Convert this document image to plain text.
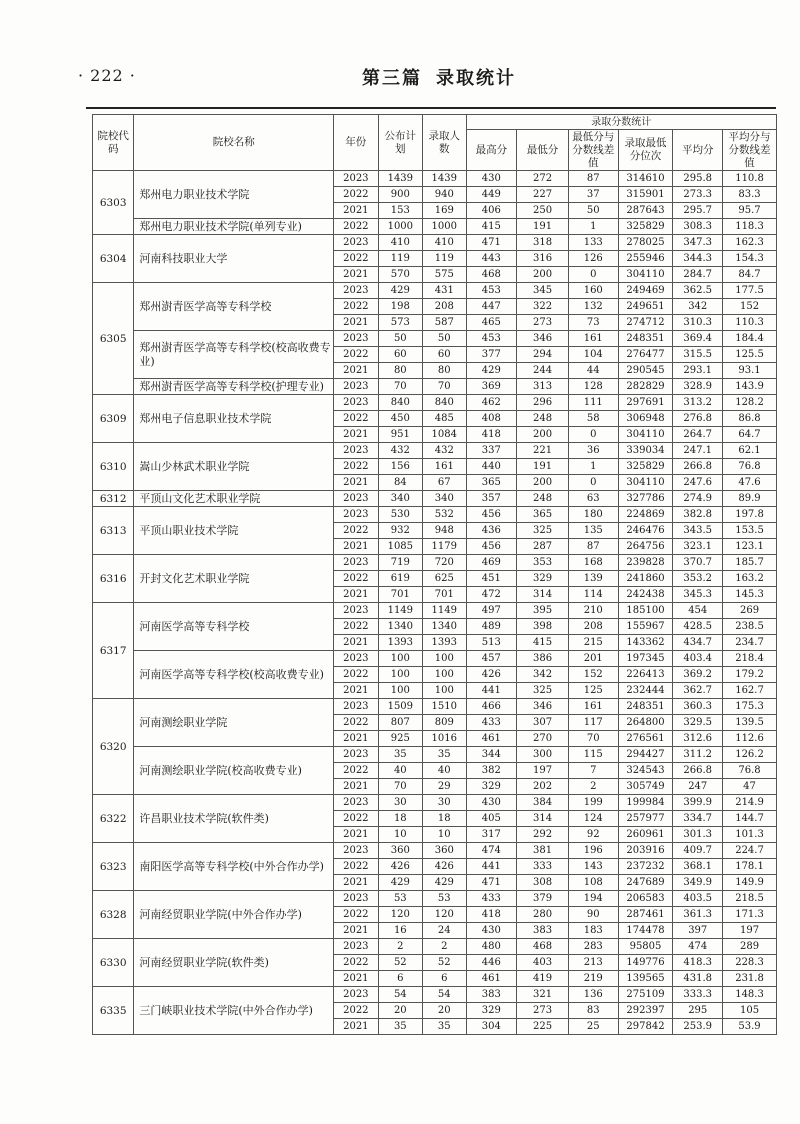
· 222 ·	第三篇 录取统计
院校代码	院校名称	年份	公布计划	录取人数	录取分数统计					
					最高分	最低分	最低分与分数线差值	录取最低分位次	平均分	平均分与分数线差值
6303	郑州电力职业技术学院	2023	1439	1439	430	272	87	314610	295.8	110.8
		2022	900	940	449	227	37	315901	273.3	83.3
		2021	153	169	406	250	50	287643	295.7	95.7
	郑州电力职业技术学院(单列专业)	2022	1000	1000	415	191	1	325829	308.3	118.3
6304	河南科技职业大学	2023	410	410	471	318	133	278025	347.3	162.3
		2022	119	119	443	316	126	255946	344.3	154.3
		2021	570	575	468	200	0	304110	284.7	84.7
6305	郑州澍青医学高等专科学校	2023	429	431	453	345	160	249469	362.5	177.5
		2022	198	208	447	322	132	249651	342	152
		2021	573	587	465	273	73	274712	310.3	110.3
	郑州澍青医学高等专科学校(校高收费专业)	2023	50	50	453	346	161	248351	369.4	184.4
		2022	60	60	377	294	104	276477	315.5	125.5
		2021	80	80	429	244	44	290545	293.1	93.1
	郑州澍青医学高等专科学校(护理专业)	2023	70	70	369	313	128	282829	328.9	143.9
6309	郑州电子信息职业技术学院	2023	840	840	462	296	111	297691	313.2	128.2
		2022	450	485	408	248	58	306948	276.8	86.8
		2021	951	1084	418	200	0	304110	264.7	64.7
6310	嵩山少林武术职业学院	2023	432	432	337	221	36	339034	247.1	62.1
		2022	156	161	440	191	1	325829	266.8	76.8
		2021	84	67	365	200	0	304110	247.6	47.6
6312	平顶山文化艺术职业学院	2023	340	340	357	248	63	327786	274.9	89.9
6313	平顶山职业技术学院	2023	530	532	456	365	180	224869	382.8	197.8
		2022	932	948	436	325	135	246476	343.5	153.5
		2021	1085	1179	456	287	87	264756	323.1	123.1
6316	开封文化艺术职业学院	2023	719	720	469	353	168	239828	370.7	185.7
		2022	619	625	451	329	139	241860	353.2	163.2
		2021	701	701	472	314	114	242438	345.3	145.3
6317	河南医学高等专科学校	2023	1149	1149	497	395	210	185100	454	269
		2022	1340	1340	489	398	208	155967	428.5	238.5
		2021	1393	1393	513	415	215	143362	434.7	234.7
	河南医学高等专科学校(校高收费专业)	2023	100	100	457	386	201	197345	403.4	218.4
		2022	100	100	426	342	152	226413	369.2	179.2
		2021	100	100	441	325	125	232444	362.7	162.7
6320	河南测绘职业学院	2023	1509	1510	466	346	161	248351	360.3	175.3
		2022	807	809	433	307	117	264800	329.5	139.5
		2021	925	1016	461	270	70	276561	312.6	112.6
	河南测绘职业学院(校高收费专业)	2023	35	35	344	300	115	294427	311.2	126.2
		2022	40	40	382	197	7	324543	266.8	76.8
		2021	70	29	329	202	2	305749	247	47
6322	许昌职业技术学院(软件类)	2023	30	30	430	384	199	199984	399.9	214.9
		2022	18	18	405	314	124	257977	334.7	144.7
		2021	10	10	317	292	92	260961	301.3	101.3
6323	南阳医学高等专科学校(中外合作办学)	2023	360	360	474	381	196	203916	409.7	224.7
		2022	426	426	441	333	143	237232	368.1	178.1
		2021	429	429	471	308	108	247689	349.9	149.9
6328	河南经贸职业学院(中外合作办学)	2023	53	53	433	379	194	206583	403.5	218.5
		2022	120	120	418	280	90	287461	361.3	171.3
		2021	16	24	430	383	183	174478	397	197
6330	河南经贸职业学院(软件类)	2023	2	2	480	468	283	95805	474	289
		2022	52	52	446	403	213	149776	418.3	228.3
		2021	6	6	461	419	219	139565	431.8	231.8
6335	三门峡职业技术学院(中外合作办学)	2023	54	54	383	321	136	275109	333.3	148.3
		2022	20	20	329	273	83	292397	295	105
		2021	35	35	304	225	25	297842	253.9	53.9
